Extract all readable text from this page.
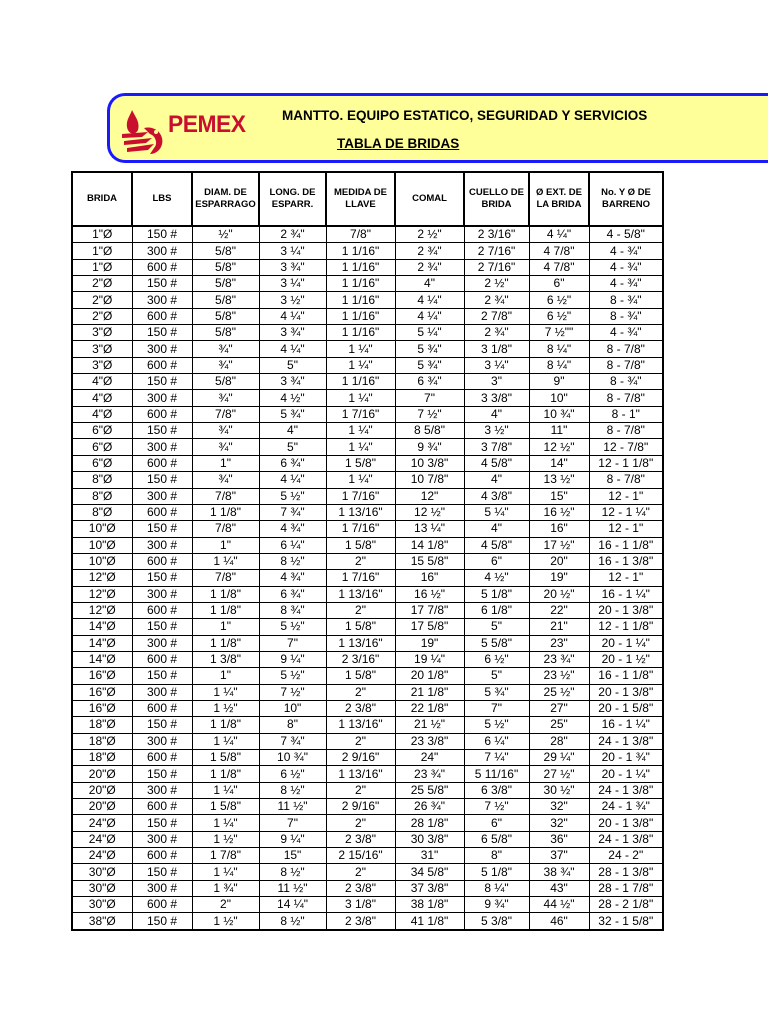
PEMEX	MANTTO. EQUIPO ESTATICO, SEGURIDAD Y SERVICIOS
TABLA DE BRIDAS
BRIDA	LBS	DIAM. DE ESPARRAGO	LONG. DE ESPARR.	MEDIDA DE LLAVE	COMAL	CUELLO DE BRIDA	Ø EXT. DE LA BRIDA	No. Y Ø DE BARRENO
1"Ø	150 #	½"	2 ¾"	7/8"	2 ½"	2 3/16"	4 ¼"	4 - 5/8"
1"Ø	300 #	5/8"	3 ¼"	1 1/16"	2 ¾"	2 7/16"	4 7/8"	4 - ¾"
1"Ø	600 #	5/8"	3 ¾"	1 1/16"	2 ¾"	2 7/16"	4 7/8"	4 - ¾"
2"Ø	150 #	5/8"	3 ¼"	1 1/16"	4"	2 ½"	6"	4 - ¾"
2"Ø	300 #	5/8"	3 ½"	1 1/16"	4 ¼"	2 ¾"	6 ½"	8 - ¾"
2"Ø	600 #	5/8"	4 ¼"	1 1/16"	4 ¼"	2 7/8"	6 ½"	8 - ¾"
3"Ø	150 #	5/8"	3 ¾"	1 1/16"	5 ¼"	2 ¾"	7 ½""	4 - ¾"
3"Ø	300 #	¾"	4 ¼"	1 ¼"	5 ¾"	3 1/8"	8 ¼"	8 - 7/8"
3"Ø	600 #	¾"	5"	1 ¼"	5 ¾"	3 ¼"	8 ¼"	8 - 7/8"
4"Ø	150 #	5/8"	3 ¾"	1 1/16"	6 ¾"	3"	9"	8 - ¾"
4"Ø	300 #	¾"	4 ½"	1 ¼"	7"	3 3/8"	10"	8 - 7/8"
4"Ø	600 #	7/8"	5 ¾"	1 7/16"	7 ½"	4"	10 ¾"	8 - 1"
6"Ø	150 #	¾"	4"	1 ¼"	8 5/8"	3 ½"	11"	8 - 7/8"
6"Ø	300 #	¾"	5"	1 ¼"	9 ¾"	3 7/8"	12 ½"	12 - 7/8"
6"Ø	600 #	1"	6 ¾"	1 5/8"	10 3/8"	4 5/8"	14"	12 - 1 1/8"
8"Ø	150 #	¾"	4 ¼"	1 ¼"	10 7/8"	4"	13 ½"	8 - 7/8"
8"Ø	300 #	7/8"	5 ½"	1 7/16"	12"	4 3/8"	15"	12 - 1"
8"Ø	600 #	1 1/8"	7 ¾"	1 13/16"	12 ½"	5 ¼"	16 ½"	12 - 1 ¼"
10"Ø	150 #	7/8"	4 ¾"	1 7/16"	13 ¼"	4"	16"	12 - 1"
10"Ø	300 #	1"	6 ¼"	1 5/8"	14 1/8"	4 5/8"	17 ½"	16 - 1 1/8"
10"Ø	600 #	1 ¼"	8 ½"	2"	15 5/8"	6"	20"	16 - 1 3/8"
12"Ø	150 #	7/8"	4 ¾"	1 7/16"	16"	4 ½"	19"	12 - 1"
12"Ø	300 #	1 1/8"	6 ¾"	1 13/16"	16 ½"	5 1/8"	20 ½"	16 - 1 ¼"
12"Ø	600 #	1 1/8"	8 ¾"	2"	17 7/8"	6 1/8"	22"	20 - 1 3/8"
14"Ø	150 #	1"	5 ½"	1 5/8"	17 5/8"	5"	21"	12 - 1 1/8"
14"Ø	300 #	1 1/8"	7"	1 13/16"	19"	5 5/8"	23"	20 - 1 ¼"
14"Ø	600 #	1 3/8"	9 ¼"	2 3/16"	19 ¼"	6 ½"	23 ¾"	20 - 1 ½"
16"Ø	150 #	1"	5 ½"	1 5/8"	20 1/8"	5"	23 ½"	16 - 1 1/8"
16"Ø	300 #	1 ¼"	7 ½"	2"	21 1/8"	5 ¾"	25 ½"	20 - 1 3/8"
16"Ø	600 #	1 ½"	10"	2 3/8"	22 1/8"	7"	27"	20 - 1 5/8"
18"Ø	150 #	1 1/8"	8"	1 13/16"	21 ½"	5 ½"	25"	16 - 1 ¼"
18"Ø	300 #	1 ¼"	7 ¾"	2"	23 3/8"	6 ¼"	28"	24 - 1 3/8"
18"Ø	600 #	1 5/8"	10 ¾"	2 9/16"	24"	7 ¼"	29 ¼"	20 - 1 ¾"
20"Ø	150 #	1 1/8"	6 ½"	1 13/16"	23 ¾"	5 11/16"	27 ½"	20 - 1 ¼"
20"Ø	300 #	1 ¼"	8 ½"	2"	25 5/8"	6 3/8"	30 ½"	24 - 1 3/8"
20"Ø	600 #	1 5/8"	11 ½"	2 9/16"	26 ¾"	7 ½"	32"	24 - 1 ¾"
24"Ø	150 #	1 ¼"	7"	2"	28 1/8"	6"	32"	20 - 1 3/8"
24"Ø	300 #	1 ½"	9 ¼"	2 3/8"	30 3/8"	6 5/8"	36"	24 - 1 3/8"
24"Ø	600 #	1 7/8"	15"	2 15/16"	31"	8"	37"	24 - 2"
30"Ø	150 #	1 ¼"	8 ½"	2"	34 5/8"	5 1/8"	38 ¾"	28 - 1 3/8"
30"Ø	300 #	1 ¾"	11 ½"	2 3/8"	37 3/8"	8 ¼"	43"	28 - 1 7/8"
30"Ø	600 #	2"	14 ¼"	3 1/8"	38 1/8"	9 ¾"	44 ½"	28 - 2 1/8"
38"Ø	150 #	1 ½"	8 ½"	2 3/8"	41 1/8"	5 3/8"	46"	32 - 1 5/8"
